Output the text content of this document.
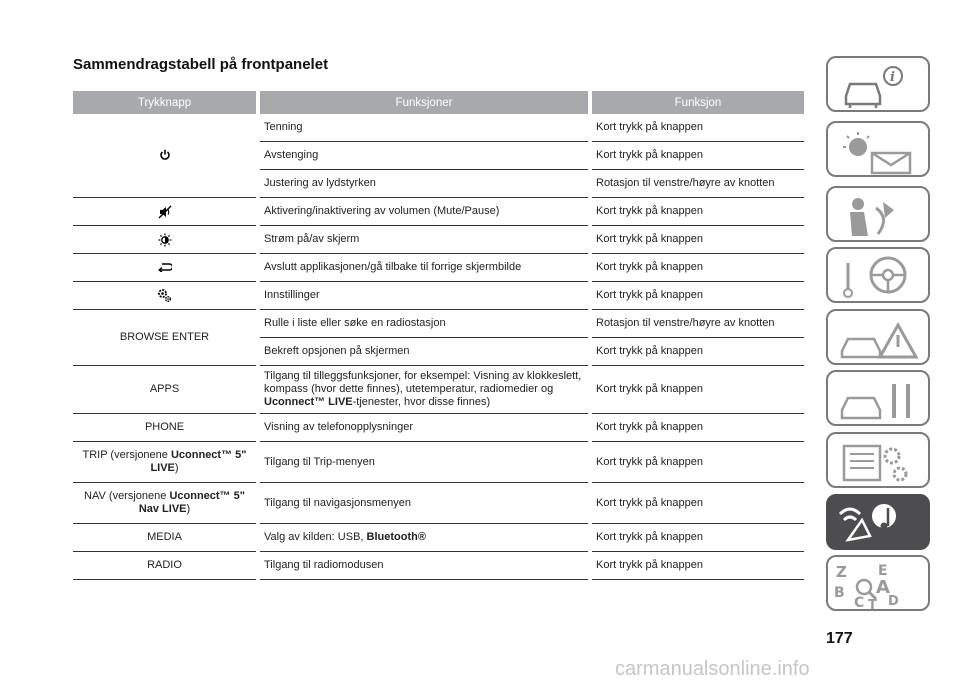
Sammendragstabell på frontpanelet
Trykknapp		Funksjoner		Funksjon
		Tenning		Kort trykk på knappen
		Avstenging		Kort trykk på knappen
		Justering av lydstyrken		Rotasjon til venstre/høyre av knotten
		Aktivering/inaktivering av volumen (Mute/Pause)		Kort trykk på knappen
		Strøm på/av skjerm		Kort trykk på knappen
		Avslutt applikasjonen/gå tilbake til forrige skjermbilde		Kort trykk på knappen
		Innstillinger		Kort trykk på knappen
BROWSE ENTER		Rulle i liste eller søke en radiostasjon		Rotasjon til venstre/høyre av knotten
		Bekreft opsjonen på skjermen		Kort trykk på knappen
APPS		Tilgang til tilleggsfunksjoner, for eksempel: Visning av klokkeslett, kompass (hvor dette finnes), utetemperatur, radiomedier og Uconnect™ LIVE-tjenester, hvor disse finnes)		Kort trykk på knappen
PHONE		Visning av telefonopplysninger		Kort trykk på knappen
TRIP (versjonene Uconnect™ 5" LIVE)		Tilgang til Trip-menyen		Kort trykk på knappen
NAV (versjonene Uconnect™ 5" Nav LIVE)		Tilgang til navigasjonsmenyen		Kort trykk på knappen
MEDIA		Valg av kilden: USB, Bluetooth®		Kort trykk på knappen
RADIO		Tilgang til radiomodusen		Kort trykk på knappen
i
Z E
B A
C D
T
177
carmanualsonline.info
